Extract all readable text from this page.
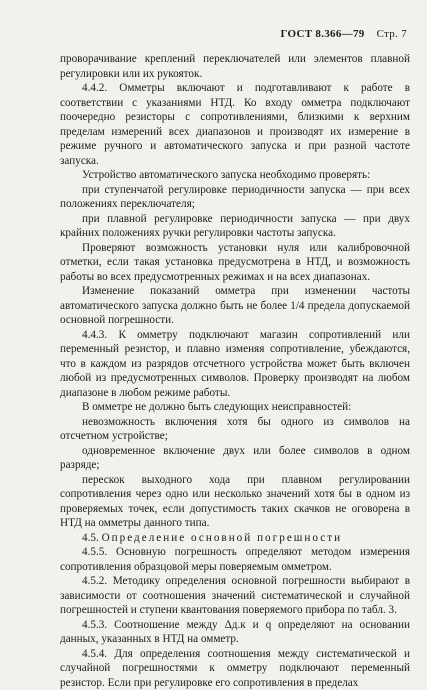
ГОСТ 8.366—79 Стр. 7

проворачивание креплений переключателей или элементов плавной регулировки или их рукояток.

4.4.2. Омметры включают и подготавливают к работе в соответствии с указаниями НТД. Ко входу омметра подключают поочередно резисторы с сопротивлениями, близкими к верхним пределам измерений всех диапазонов и производят их измерение в режиме ручного и автоматического запуска и при разной частоте запуска.

Устройство автоматического запуска необходимо проверять:

при ступенчатой регулировке периодичности запуска — при всех положениях переключателя;

при плавной регулировке периодичности запуска — при двух крайних положениях ручки регулировки частоты запуска.

Проверяют возможность установки нуля или калибровочной отметки, если такая установка предусмотрена в НТД, и возможность работы во всех предусмотренных режимах и на всех диапазонах.

Изменение показаний омметра при изменении частоты автоматического запуска должно быть не более 1/4 предела допускаемой основной погрешности.

4.4.3. К омметру подключают магазин сопротивлений или переменный резистор, и плавно изменяя сопротивление, убеждаются, что в каждом из разрядов отсчетного устройства может быть включен любой из предусмотренных символов. Проверку производят на любом диапазоне в любом режиме работы.

В омметре не должно быть следующих неисправностей:

невозможность включения хотя бы одного из символов на отсчетном устройстве;

одновременное включение двух или более символов в одном разряде;

перескок выходного хода при плавном регулировании сопротивления через одно или несколько значений хотя бы в одном из проверяемых точек, если допустимость таких скачков не оговорена в НТД на омметры данного типа.

4.5. Определение основной погрешности

4.5.5. Основную погрешность определяют методом измерения сопротивления образцовой меры поверяемым омметром.

4.5.2. Методику определения основной погрешности выбирают в зависимости от соотношения значений систематической и случайной погрешностей и ступени квантования поверяемого прибора по табл. 3.

4.5.3. Соотношение между Δд.к и q определяют на основании данных, указанных в НТД на омметр.

4.5.4. Для определения соотношения между систематической и случайной погрешностями к омметру подключают переменный резистор. Если при регулировке его сопротивления в пределах
